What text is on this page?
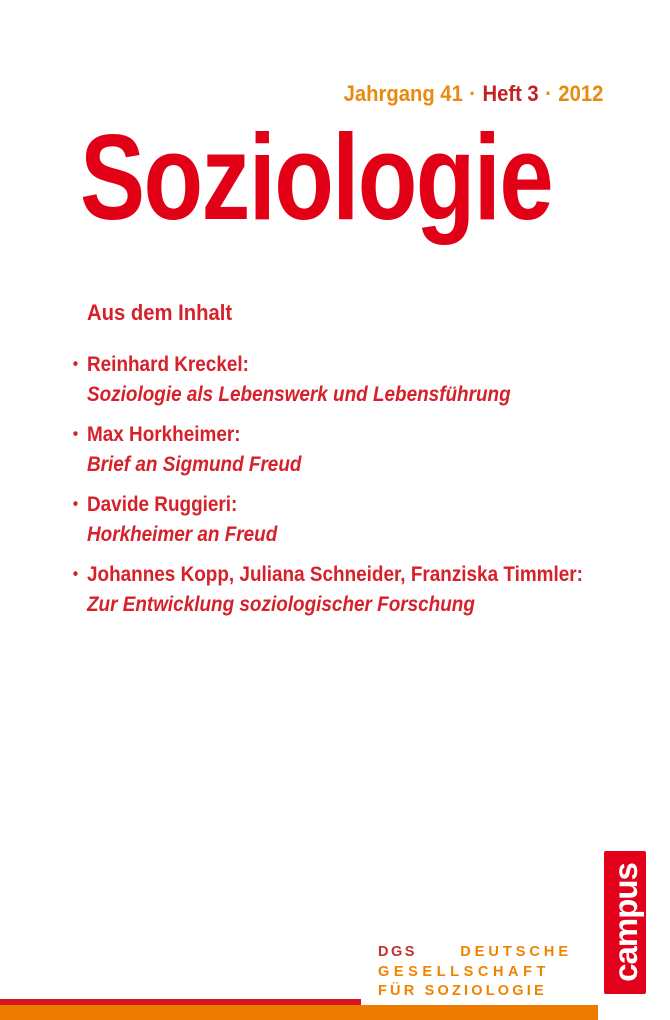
Jahrgang 41 · Heft 3 · 2012
Soziologie
Aus dem Inhalt
• Reinhard Kreckel:
Soziologie als Lebenswerk und Lebensführung
• Max Horkheimer:
Brief an Sigmund Freud
• Davide Ruggieri:
Horkheimer an Freud
• Johannes Kopp, Juliana Schneider, Franziska Timmler:
Zur Entwicklung soziologischer Forschung
campus
DGS	DEUTSCHE
GESELLSCHAFT
FÜR SOZIOLOGIE
